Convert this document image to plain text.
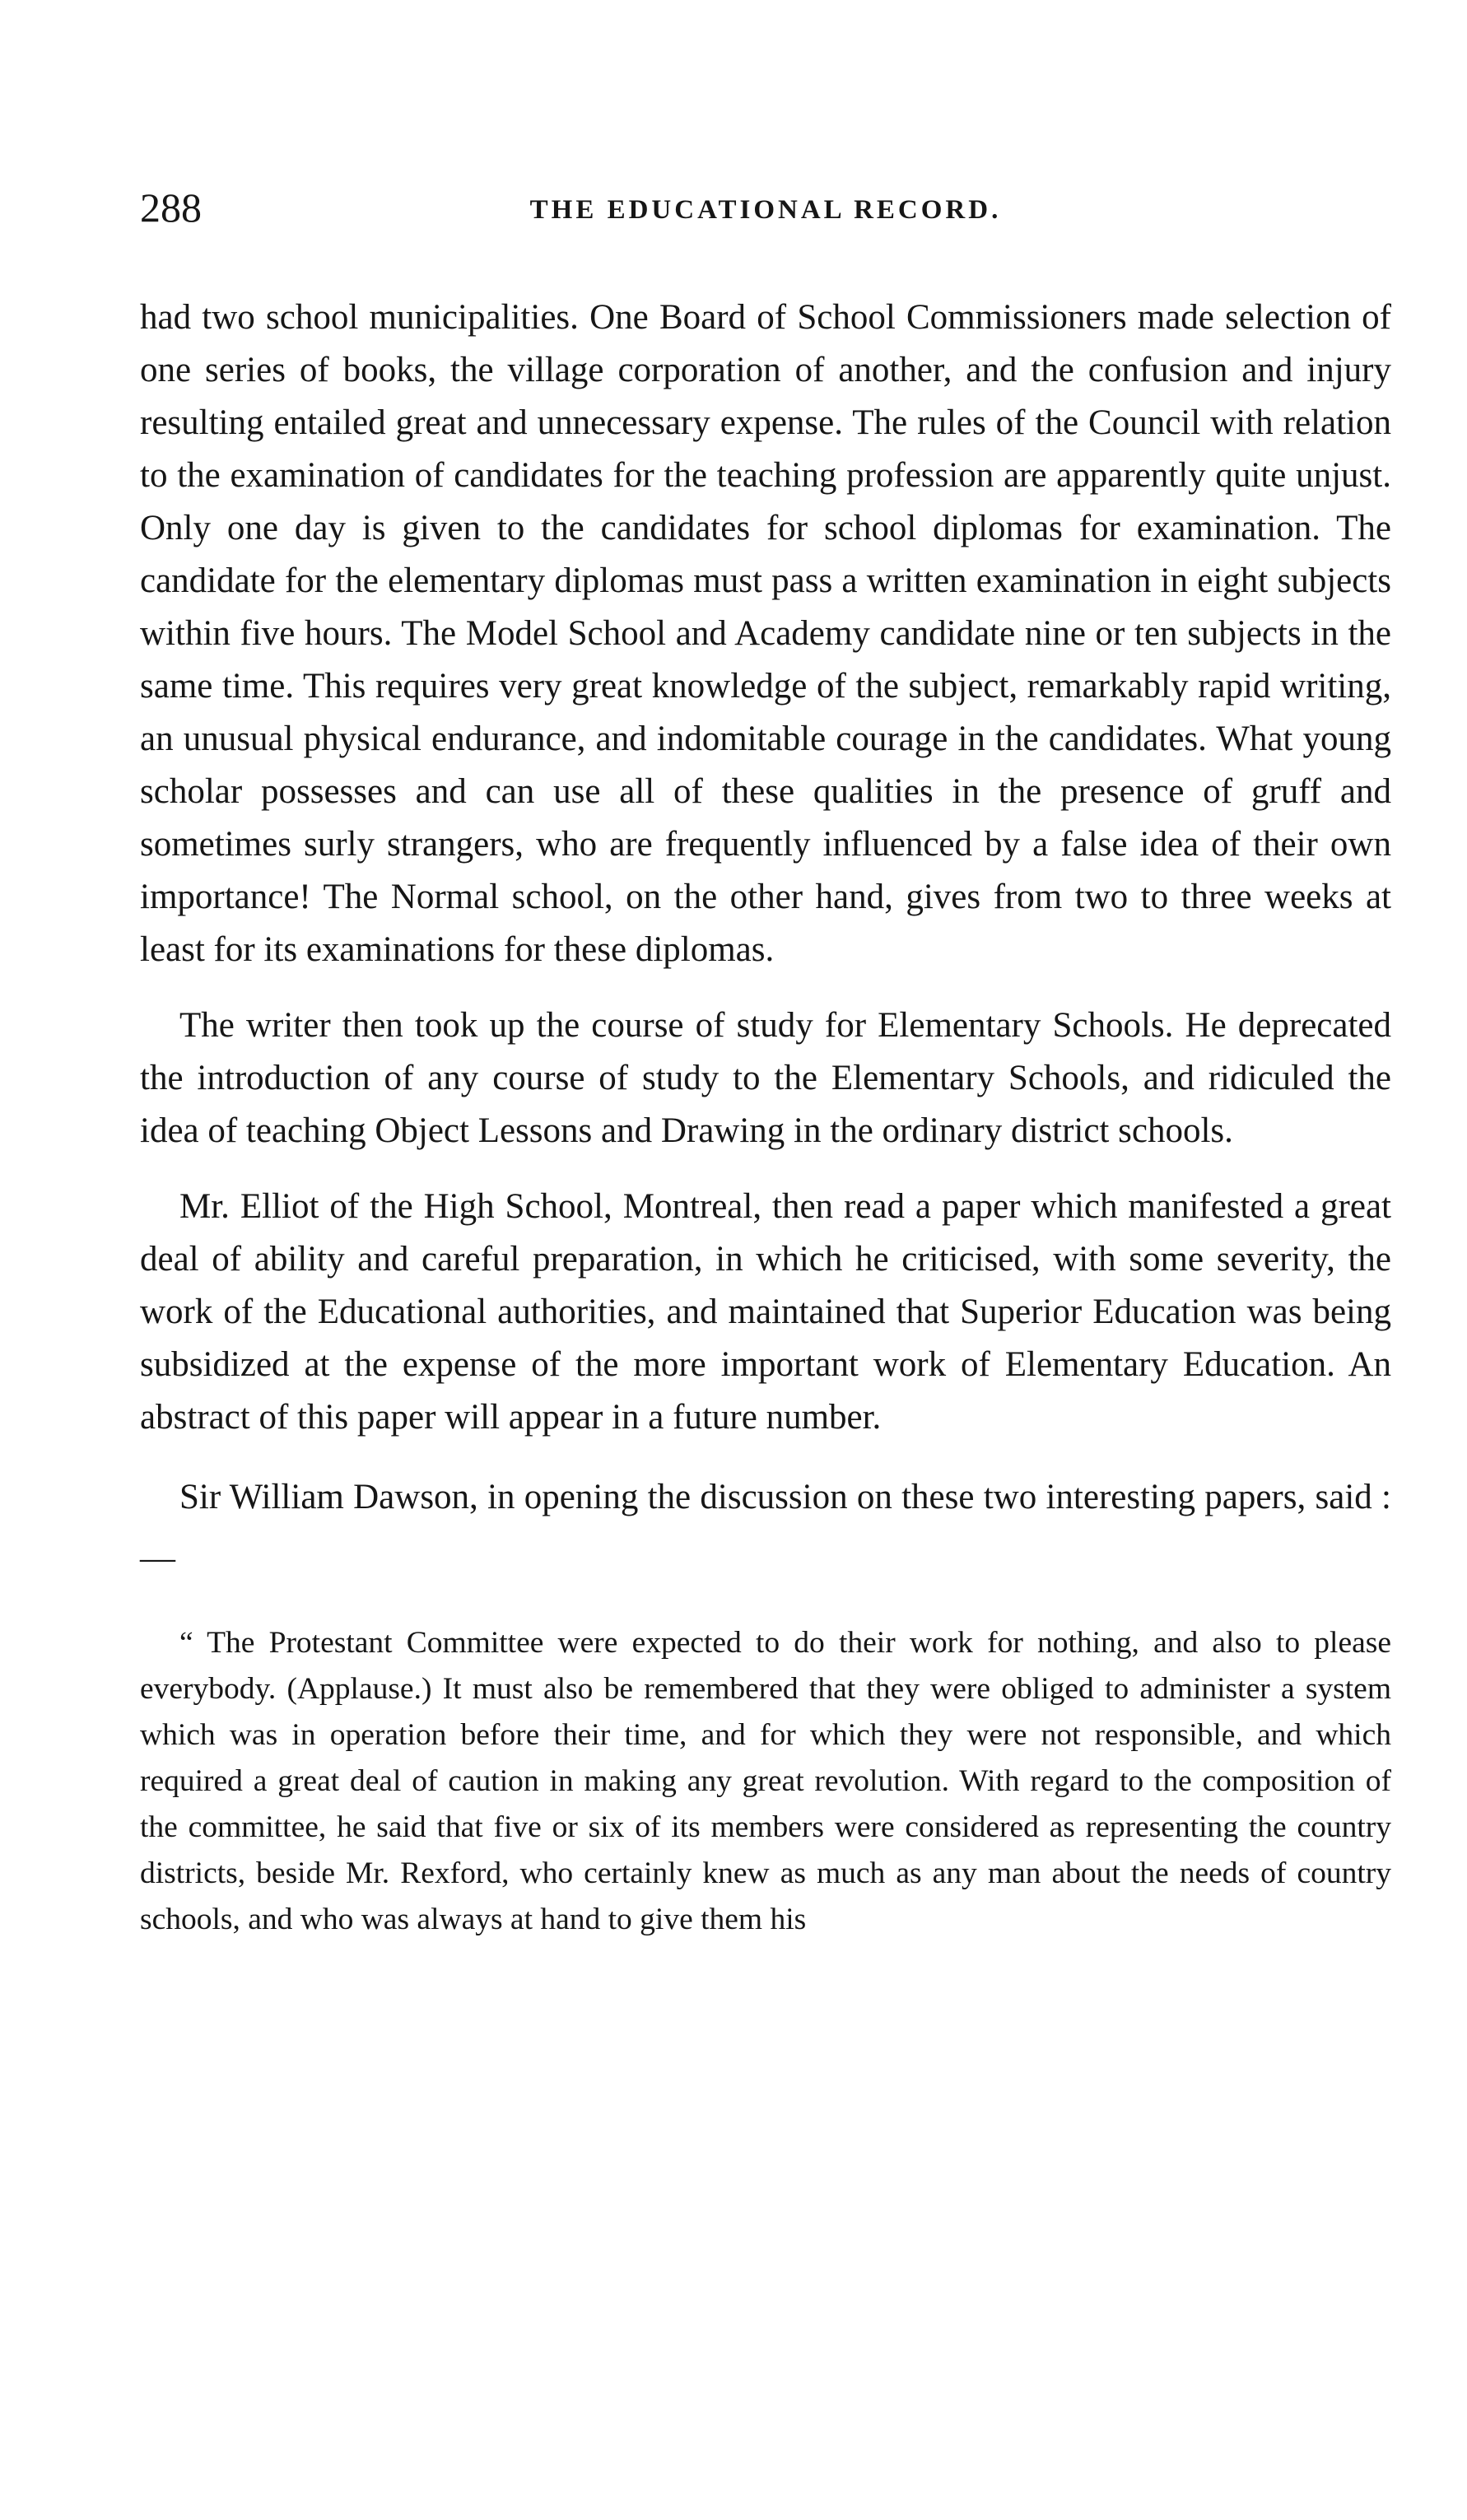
288	THE EDUCATIONAL RECORD.

had two school municipalities. One Board of School Commissioners made selection of one series of books, the village corporation of another, and the confusion and injury resulting entailed great and unnecessary expense. The rules of the Council with relation to the examination of candidates for the teaching profession are apparently quite unjust. Only one day is given to the candidates for school diplomas for examination. The candidate for the elementary diplomas must pass a written examination in eight subjects within five hours. The Model School and Academy candidate nine or ten subjects in the same time. This requires very great knowledge of the subject, remarkably rapid writing, an unusual physical endurance, and indomitable courage in the candidates. What young scholar possesses and can use all of these qualities in the presence of gruff and sometimes surly strangers, who are frequently influenced by a false idea of their own importance! The Normal school, on the other hand, gives from two to three weeks at least for its examinations for these diplomas.

The writer then took up the course of study for Elementary Schools. He deprecated the introduction of any course of study to the Elementary Schools, and ridiculed the idea of teaching Object Lessons and Drawing in the ordinary district schools.

Mr. Elliot of the High School, Montreal, then read a paper which manifested a great deal of ability and careful preparation, in which he criticised, with some severity, the work of the Educational authorities, and maintained that Superior Education was being subsidized at the expense of the more important work of Elementary Education. An abstract of this paper will appear in a future number.

Sir William Dawson, in opening the discussion on these two interesting papers, said :—

“ The Protestant Committee were expected to do their work for nothing, and also to please everybody. (Applause.) It must also be remembered that they were obliged to administer a system which was in operation before their time, and for which they were not responsible, and which required a great deal of caution in making any great revolution. With regard to the composition of the committee, he said that five or six of its members were considered as representing the country districts, beside Mr. Rexford, who certainly knew as much as any man about the needs of country schools, and who was always at hand to give them his
